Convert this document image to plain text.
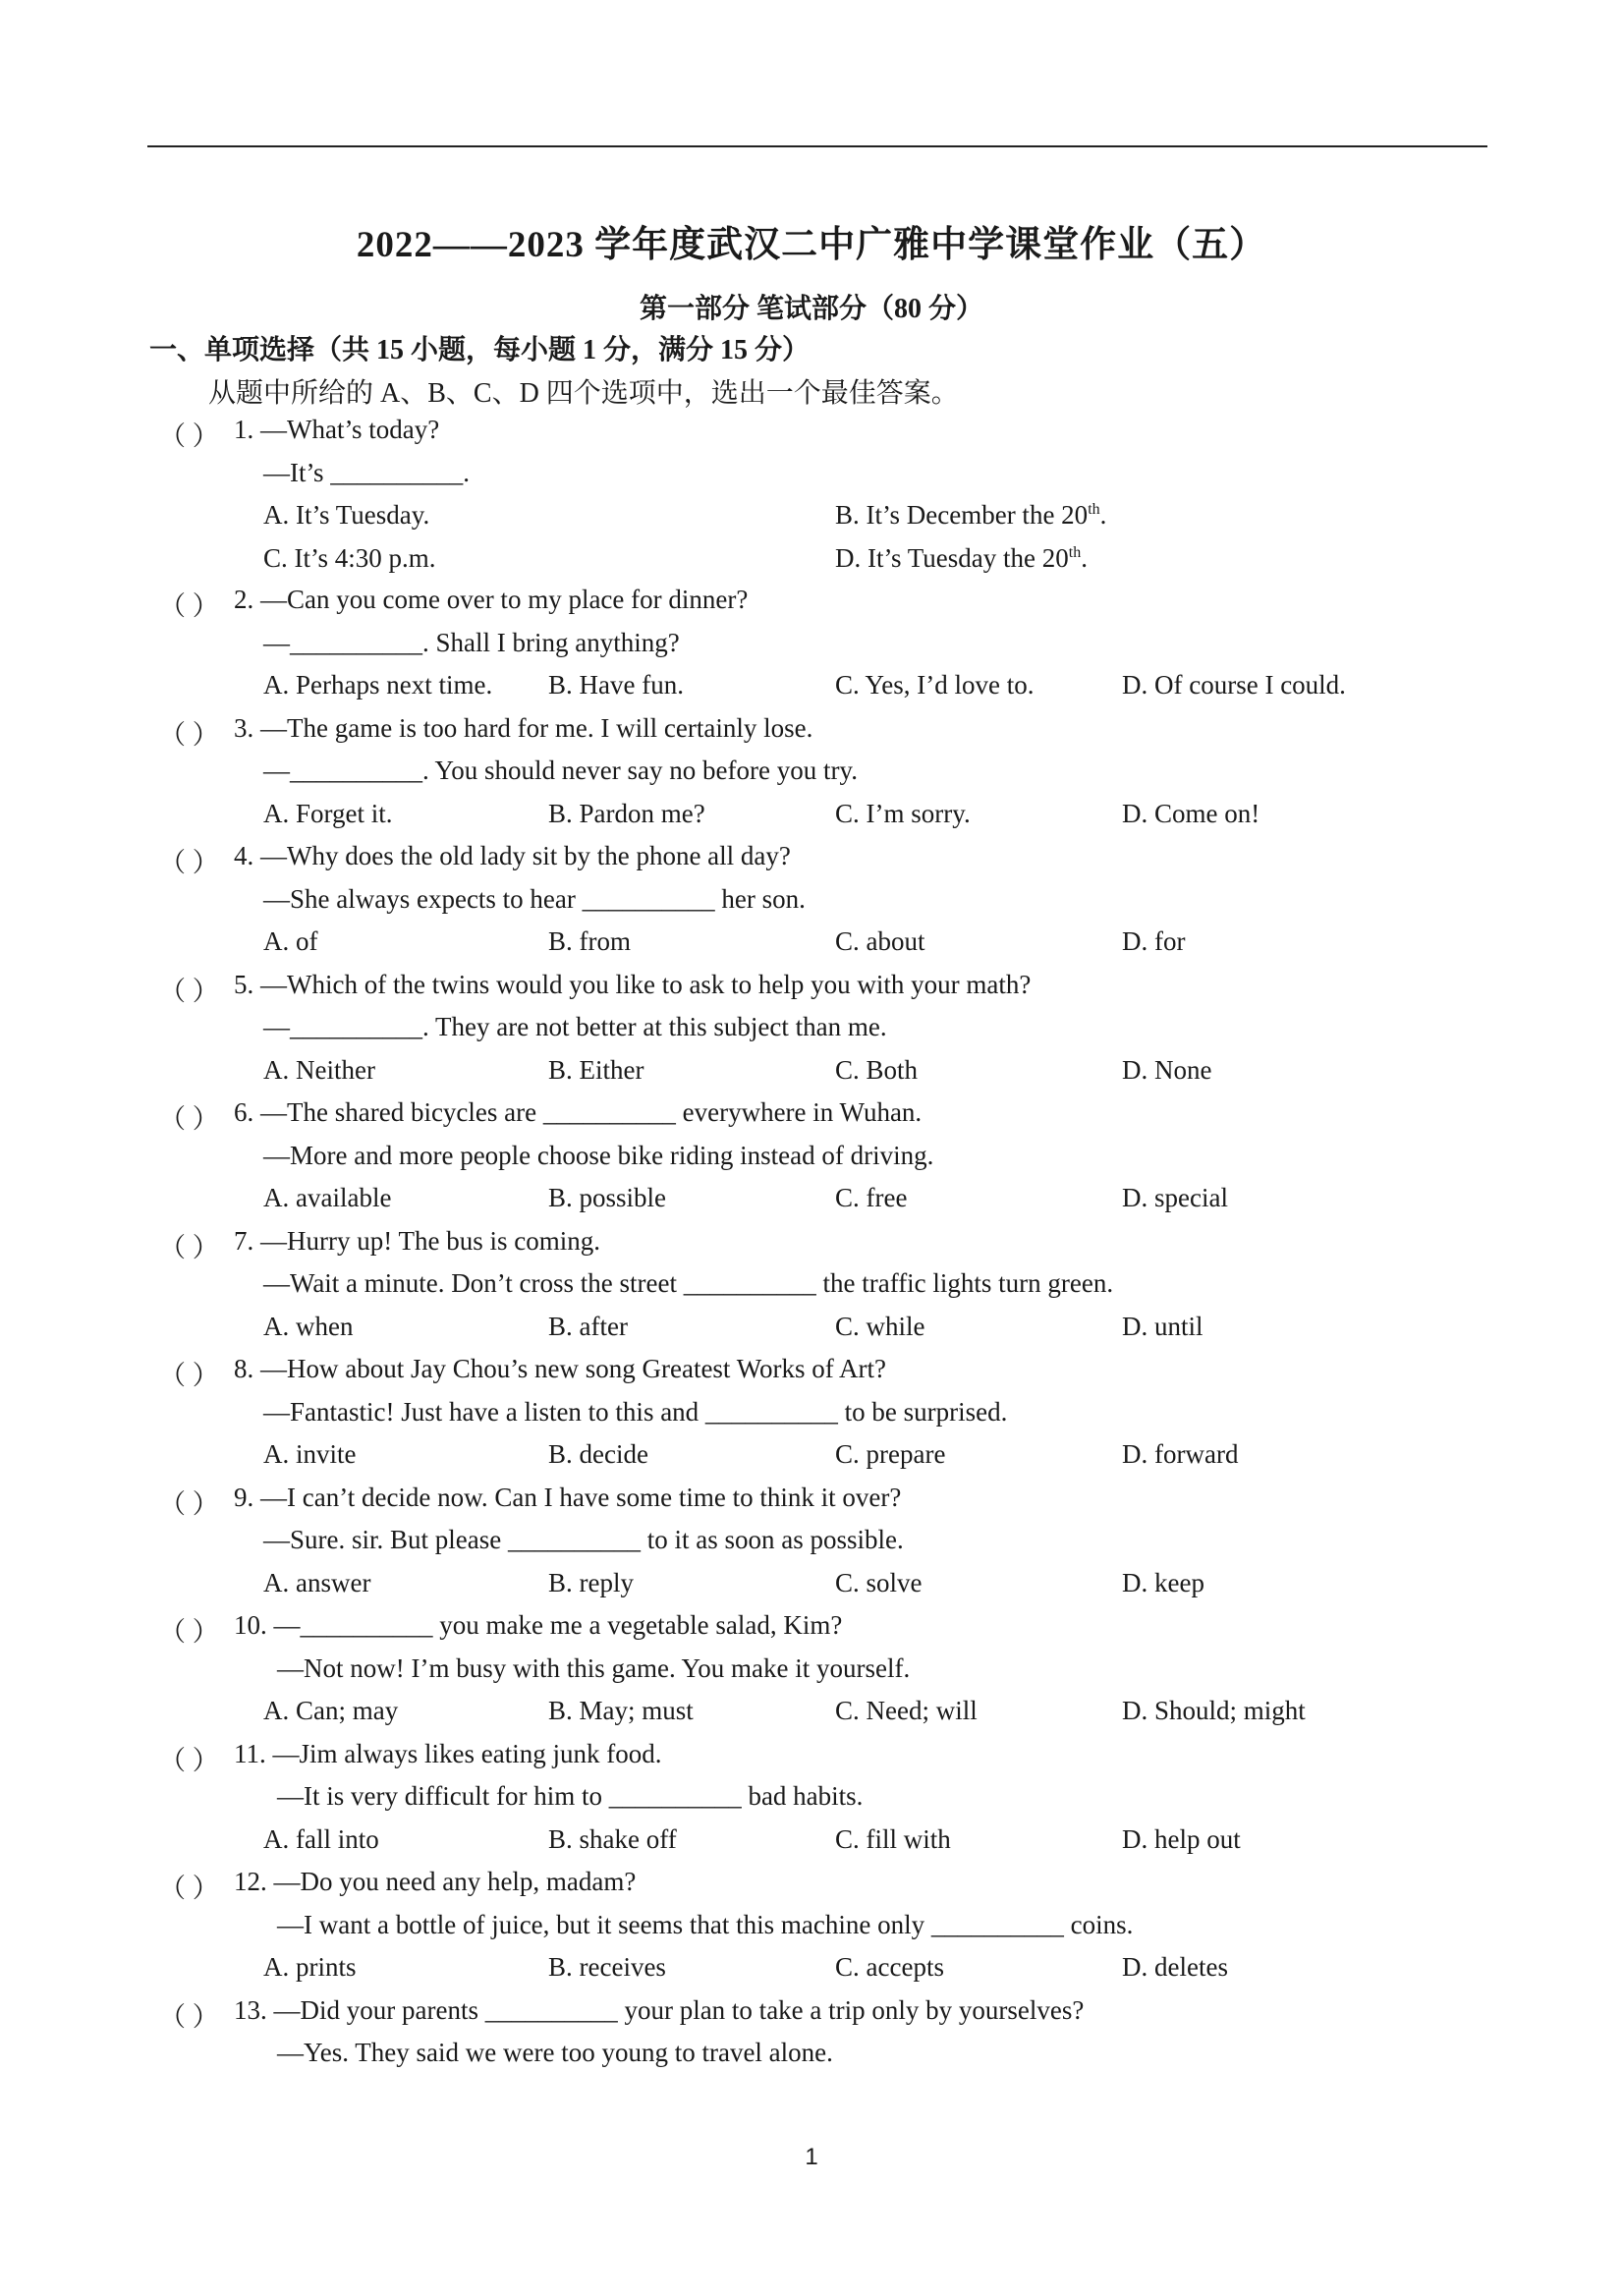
2022——2023 学年度武汉二中广雅中学课堂作业（五）
第一部分 笔试部分（80 分）
一、单项选择（共 15 小题，每小题 1 分，满分 15 分）
从题中所给的 A、B、C、D 四个选项中，选出一个最佳答案。
（ ） 1. —What’s today?
—It’s __________.
A. It’s Tuesday.	B. It’s December the 20th.
C. It’s 4:30 p.m.	D. It’s Tuesday the 20th.
（ ） 2. —Can you come over to my place for dinner?
—__________. Shall I bring anything?
A. Perhaps next time. B. Have fun.	C. Yes, I’d love to.	D. Of course I could.
（ ） 3. —The game is too hard for me. I will certainly lose.
—__________. You should never say no before you try.
A. Forget it.	B. Pardon me?	C. I’m sorry.	D. Come on!
（ ） 4. —Why does the old lady sit by the phone all day?
—She always expects to hear __________ her son.
A. of	B. from	C. about	D. for
（ ） 5. —Which of the twins would you like to ask to help you with your math?
—__________. They are not better at this subject than me.
A. Neither	B. Either	C. Both	D. None
（ ） 6. —The shared bicycles are __________ everywhere in Wuhan.
—More and more people choose bike riding instead of driving.
A. available	B. possible	C. free	D. special
（ ） 7. —Hurry up! The bus is coming.
—Wait a minute. Don’t cross the street __________ the traffic lights turn green.
A. when	B. after	C. while	D. until
（ ） 8. —How about Jay Chou’s new song Greatest Works of Art?
—Fantastic! Just have a listen to this and __________ to be surprised.
A. invite	B. decide	C. prepare	D. forward
（ ） 9. —I can’t decide now. Can I have some time to think it over?
—Sure. sir. But please __________ to it as soon as possible.
A. answer	B. reply	C. solve	D. keep
（ ） 10. —__________ you make me a vegetable salad, Kim?
—Not now! I’m busy with this game. You make it yourself.
A. Can; may	B. May; must	C. Need; will	D. Should; might
（ ） 11. —Jim always likes eating junk food.
—It is very difficult for him to __________ bad habits.
A. fall into	B. shake off	C. fill with	D. help out
（ ） 12. —Do you need any help, madam?
—I want a bottle of juice, but it seems that this machine only __________ coins.
A. prints	B. receives	C. accepts	D. deletes
（ ） 13. —Did your parents __________ your plan to take a trip only by yourselves?
—Yes. They said we were too young to travel alone.
1
